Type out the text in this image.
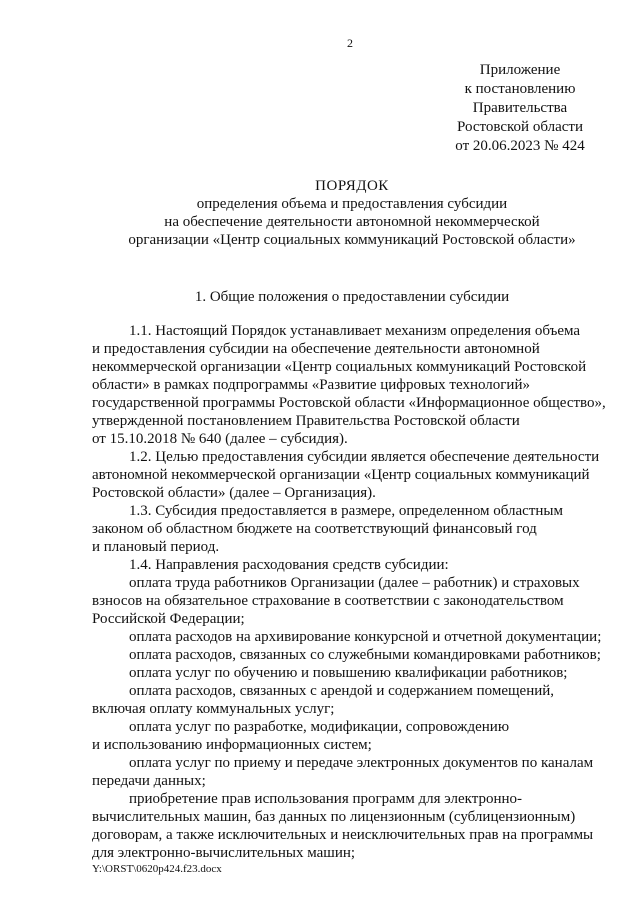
2
Приложение
к постановлению
Правительства
Ростовской области
от 20.06.2023 № 424
ПОРЯДОК
определения объема и предоставления субсидии
на обеспечение деятельности автономной некоммерческой
организации «Центр социальных коммуникаций Ростовской области»
1. Общие положения о предоставлении субсидии

1.1. Настоящий Порядок устанавливает механизм определения объема
и предоставления субсидии на обеспечение деятельности автономной
некоммерческой организации «Центр социальных коммуникаций Ростовской
области» в рамках подпрограммы «Развитие цифровых технологий»
государственной программы Ростовской области «Информационное общество»,
утвержденной постановлением Правительства Ростовской области
от 15.10.2018 № 640 (далее – субсидия).

1.2. Целью предоставления субсидии является обеспечение деятельности
автономной некоммерческой организации «Центр социальных коммуникаций
Ростовской области» (далее – Организация).

1.3. Субсидия предоставляется в размере, определенном областным
законом об областном бюджете на соответствующий финансовый год
и плановый период.

1.4. Направления расходования средств субсидии:

оплата труда работников Организации (далее – работник) и страховых
взносов на обязательное страхование в соответствии с законодательством
Российской Федерации;

оплата расходов на архивирование конкурсной и отчетной документации;

оплата расходов, связанных со служебными командировками работников;

оплата услуг по обучению и повышению квалификации работников;

оплата расходов, связанных с арендой и содержанием помещений,
включая оплату коммунальных услуг;

оплата услуг по разработке, модификации, сопровождению
и использованию информационных систем;

оплата услуг по приему и передаче электронных документов по каналам
передачи данных;

приобретение прав использования программ для электронно-
вычислительных машин, баз данных по лицензионным (сублицензионным)
договорам, а также исключительных и неисключительных прав на программы
для электронно-вычислительных машин;

Y:\ORST\0620p424.f23.docx
